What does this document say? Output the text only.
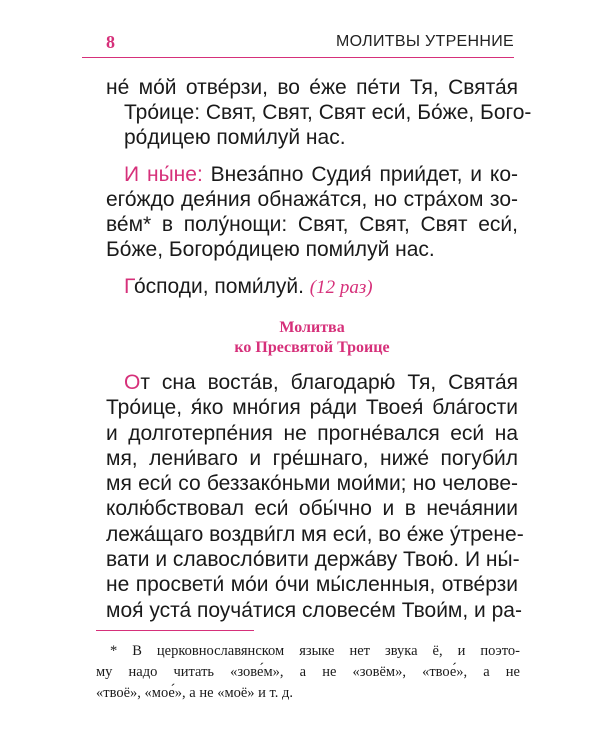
8	МОЛИТВЫ УТРЕННИЕ

не́ мо́й отве́рзи, во е́же пе́ти Тя, Свята́я

Тро́ице: Свят, Свят, Свят еси́, Бо́же, Бого-

ро́дицею поми́луй нас.

И ны́не: Внеза́пно Судия́ прии́дет, и ко-

его́ждо дея́ния обнажа́тся, но стра́хом зо-

ве́м* в полу́нощи: Свят, Свят, Свят еси́,

Бо́же, Богоро́дицею поми́луй нас.

Го́споди, поми́луй. (12 раз)

Молитва
ко Пресвятой Троице

От сна воста́в, благодарю́ Тя, Свята́я

Тро́ице, я́ко мно́гия ра́ди Твоея́ бла́гости

и долготерпе́ния не прогне́вался еси́ на

мя, лени́ваго и гре́шнаго, ниже́ погуби́л

мя еси́ со беззако́ньми мои́ми; но челове-

колю́бствовал еси́ обы́чно и в неча́янии

лежа́щаго воздви́гл мя еси́, во е́же у́тренe-

вати и славосло́вити держа́ву Твою́. И ны́-

не просвети́ мо́и о́чи мы́сленныя, отве́рзи

моя́ уста́ поуча́тися словесе́м Твои́м, и ра-

* В церковнославянском языке нет звука ё, и поэто-

му надо читать «зове́м», а не «зовём», «твое́», а не

«твоё», «мое́», а не «моё» и т. д.
